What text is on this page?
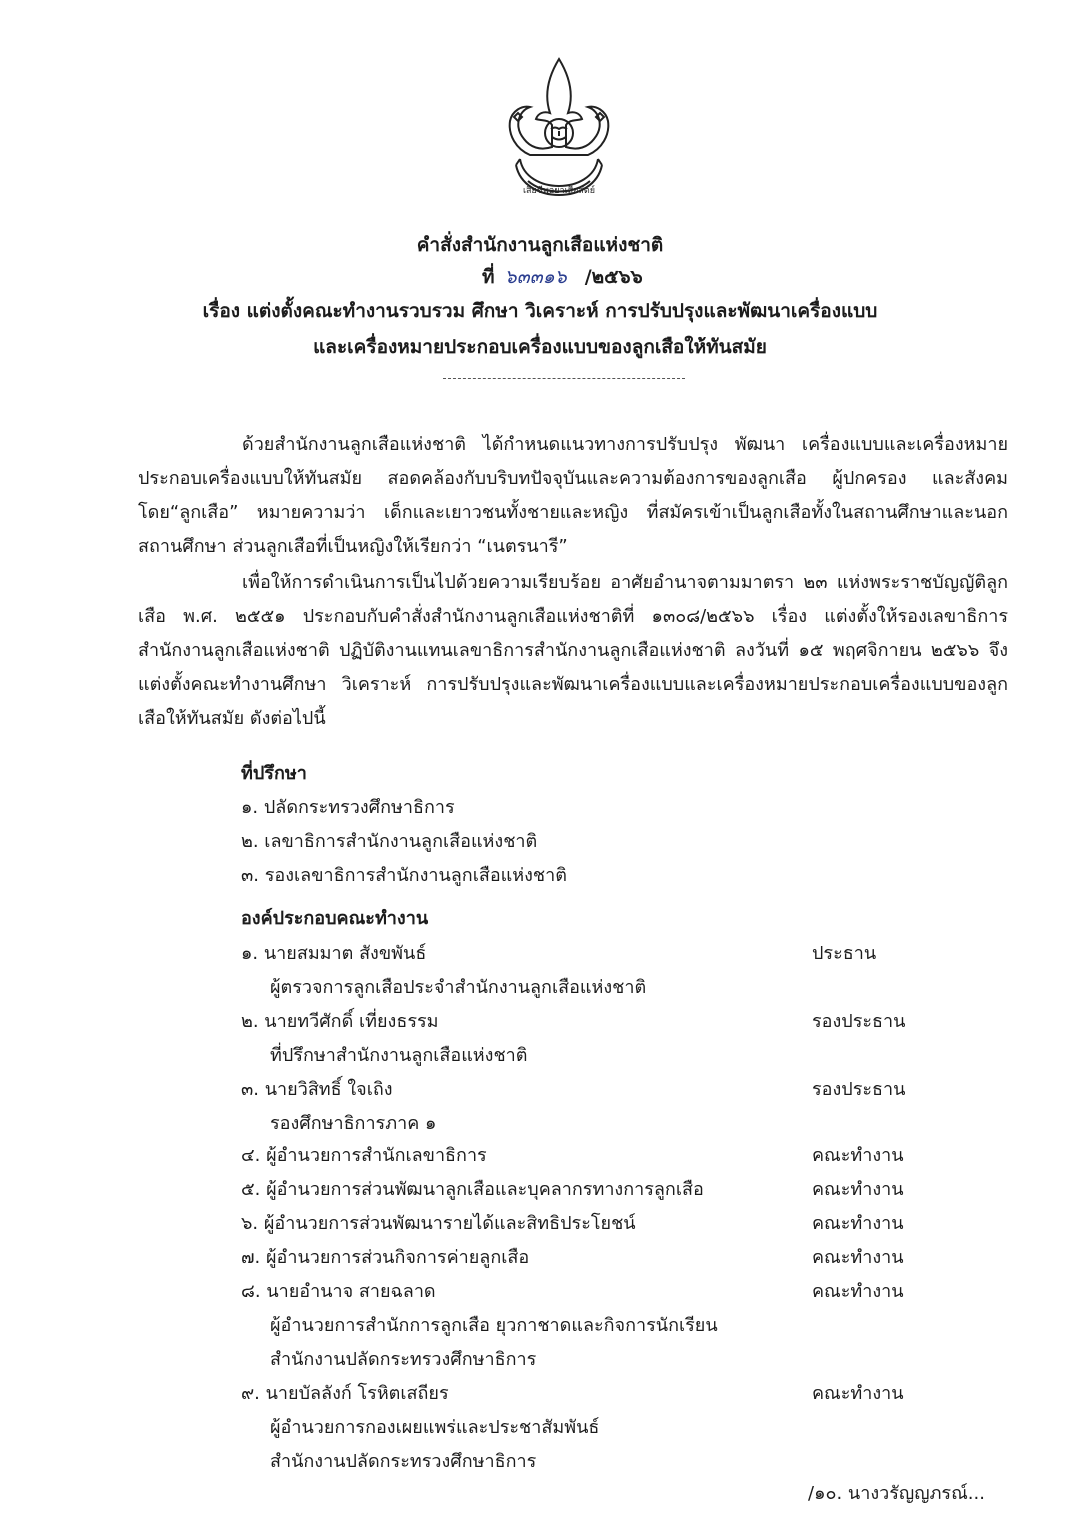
เสียชีพอย่าเสียสัตย์
คำสั่งสำนักงานลูกเสือแห่งชาติ
ที่ ๖๓๓๑๖ /๒๕๖๖
เรื่อง แต่งตั้งคณะทำงานรวบรวม ศึกษา วิเคราะห์ การปรับปรุงและพัฒนาเครื่องแบบ
และเครื่องหมายประกอบเครื่องแบบของลูกเสือให้ทันสมัย
ด้วยสำนักงานลูกเสือแห่งชาติ ได้กำหนดแนวทางการปรับปรุง พัฒนา เครื่องแบบและเครื่องหมายประกอบเครื่องแบบให้ทันสมัย สอดคล้องกับบริบทปัจจุบันและความต้องการของลูกเสือ ผู้ปกครอง และสังคม โดย“ลูกเสือ” หมายความว่า เด็กและเยาวชนทั้งชายและหญิง ที่สมัครเข้าเป็นลูกเสือทั้งในสถานศึกษาและนอกสถานศึกษา ส่วนลูกเสือที่เป็นหญิงให้เรียกว่า “เนตรนารี”
เพื่อให้การดำเนินการเป็นไปด้วยความเรียบร้อย อาศัยอำนาจตามมาตรา ๒๓ แห่งพระราชบัญญัติลูกเสือ พ.ศ. ๒๕๕๑ ประกอบกับคำสั่งสำนักงานลูกเสือแห่งชาติที่ ๑๓๐๘/๒๕๖๖ เรื่อง แต่งตั้งให้รองเลขาธิการสำนักงานลูกเสือแห่งชาติ ปฏิบัติงานแทนเลขาธิการสำนักงานลูกเสือแห่งชาติ ลงวันที่ ๑๕ พฤศจิกายน ๒๕๖๖ จึงแต่งตั้งคณะทำงานศึกษา วิเคราะห์ การปรับปรุงและพัฒนาเครื่องแบบและเครื่องหมายประกอบเครื่องแบบของลูกเสือให้ทันสมัย ดังต่อไปนี้
ที่ปรึกษา
๑. ปลัดกระทรวงศึกษาธิการ
๒. เลขาธิการสำนักงานลูกเสือแห่งชาติ
๓. รองเลขาธิการสำนักงานลูกเสือแห่งชาติ
องค์ประกอบคณะทำงาน
๑. นายสมมาต สังขพันธ์	ประธาน
ผู้ตรวจการลูกเสือประจำสำนักงานลูกเสือแห่งชาติ
๒. นายทวีศักดิ์ เที่ยงธรรม	รองประธาน
ที่ปรึกษาสำนักงานลูกเสือแห่งชาติ
๓. นายวิสิทธิ์ ใจเถิง	รองประธาน
รองศึกษาธิการภาค ๑
๔. ผู้อำนวยการสำนักเลขาธิการ	คณะทำงาน
๕. ผู้อำนวยการส่วนพัฒนาลูกเสือและบุคลากรทางการลูกเสือ	คณะทำงาน
๖. ผู้อำนวยการส่วนพัฒนารายได้และสิทธิประโยชน์	คณะทำงาน
๗. ผู้อำนวยการส่วนกิจการค่ายลูกเสือ	คณะทำงาน
๘. นายอำนาจ สายฉลาด	คณะทำงาน
ผู้อำนวยการสำนักการลูกเสือ ยุวกาชาดและกิจการนักเรียน
สำนักงานปลัดกระทรวงศึกษาธิการ
๙. นายบัลลังก์ โรหิตเสถียร	คณะทำงาน
ผู้อำนวยการกองเผยแพร่และประชาสัมพันธ์
สำนักงานปลัดกระทรวงศึกษาธิการ
/๑๐. นางวรัญญภรณ์...
